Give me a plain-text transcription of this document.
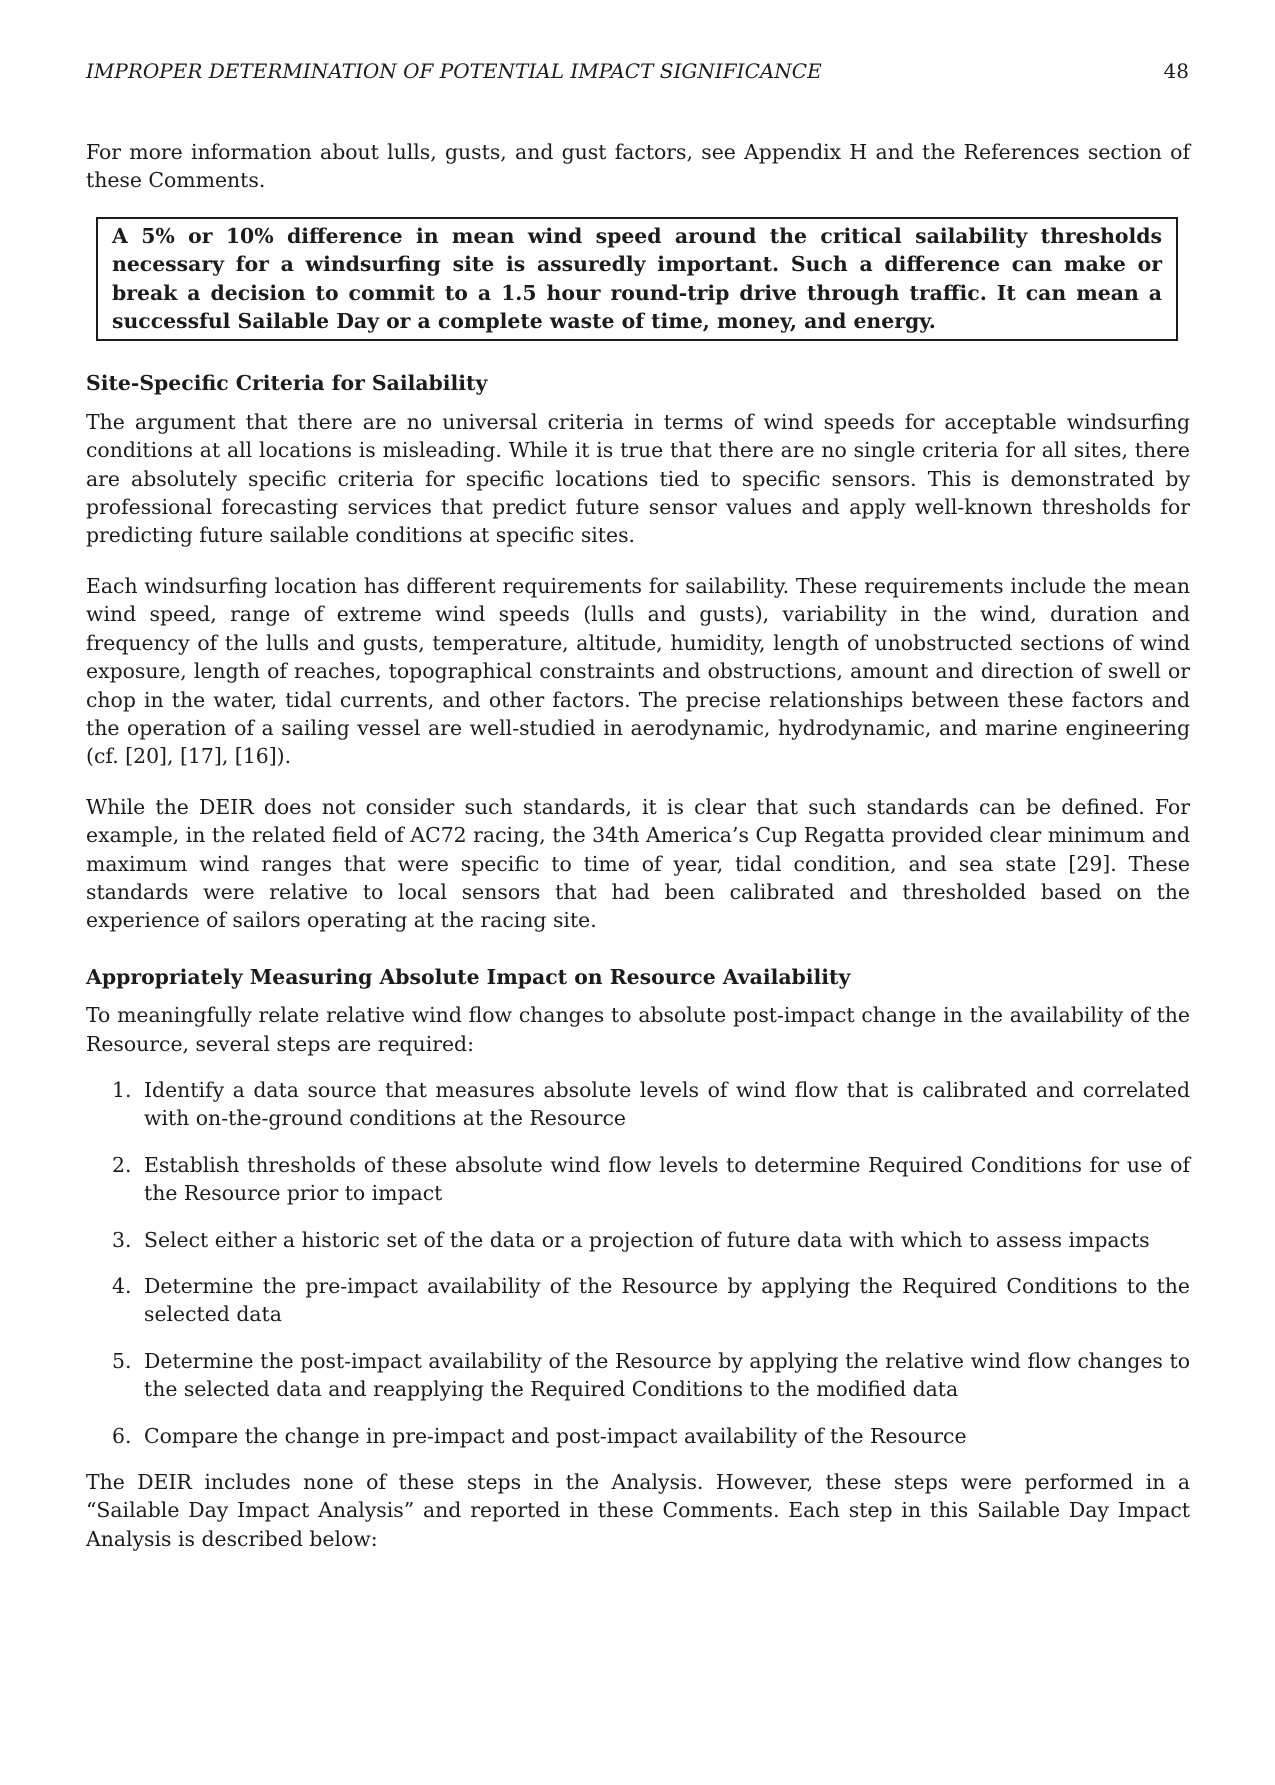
IMPROPER DETERMINATION OF POTENTIAL IMPACT SIGNIFICANCE	48

For more information about lulls, gusts, and gust factors, see Appendix H and the References section of these Comments.

A 5% or 10% difference in mean wind speed around the critical sailability thresholds necessary for a windsurfing site is assuredly important. Such a difference can make or break a decision to commit to a 1.5 hour round-trip drive through traffic. It can mean a successful Sailable Day or a complete waste of time, money, and energy.
Site-Specific Criteria for Sailability

The argument that there are no universal criteria in terms of wind speeds for acceptable windsurfing conditions at all locations is misleading. While it is true that there are no single criteria for all sites, there are absolutely specific criteria for specific locations tied to specific sensors. This is demonstrated by professional forecasting services that predict future sensor values and apply well-known thresholds for predicting future sailable conditions at specific sites.

Each windsurfing location has different requirements for sailability. These requirements include the mean wind speed, range of extreme wind speeds (lulls and gusts), variability in the wind, duration and frequency of the lulls and gusts, temperature, altitude, humidity, length of unobstructed sections of wind exposure, length of reaches, topographical constraints and obstructions, amount and direction of swell or chop in the water, tidal currents, and other factors. The precise relationships between these factors and the operation of a sailing vessel are well-studied in aerodynamic, hydrodynamic, and marine engineering (cf. [20], [17], [16]).

While the DEIR does not consider such standards, it is clear that such standards can be defined. For example, in the related field of AC72 racing, the 34th America’s Cup Regatta provided clear minimum and maximum wind ranges that were specific to time of year, tidal condition, and sea state [29]. These standards were relative to local sensors that had been calibrated and thresholded based on the experience of sailors operating at the racing site.

Appropriately Measuring Absolute Impact on Resource Availability

To meaningfully relate relative wind flow changes to absolute post-impact change in the availability of the Resource, several steps are required:

1. Identify a data source that measures absolute levels of wind flow that is calibrated and correlated with on-the-ground conditions at the Resource
2. Establish thresholds of these absolute wind flow levels to determine Required Conditions for use of the Resource prior to impact
3. Select either a historic set of the data or a projection of future data with which to assess impacts
4. Determine the pre-impact availability of the Resource by applying the Required Conditions to the selected data
5. Determine the post-impact availability of the Resource by applying the relative wind flow changes to the selected data and reapplying the Required Conditions to the modified data
6. Compare the change in pre-impact and post-impact availability of the Resource

The DEIR includes none of these steps in the Analysis. However, these steps were performed in a “Sailable Day Impact Analysis” and reported in these Comments. Each step in this Sailable Day Impact Analysis is described below:
